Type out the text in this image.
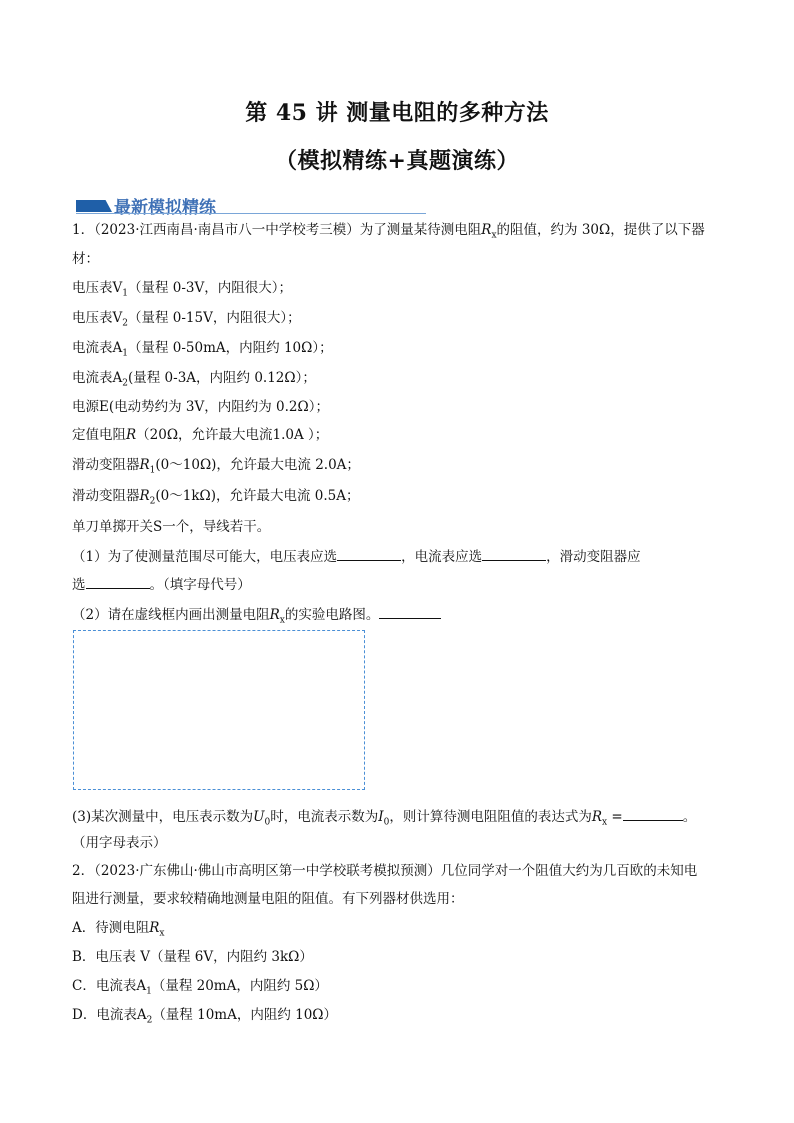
第 45 讲 测量电阻的多种方法
（模拟精练+真题演练）
最新模拟精练
1．（2023·江西南昌·南昌市八一中学校考三模）为了测量某待测电阻$R_x$的阻值，约为 30Ω，提供了以下器
材：
电压表$V_1$（量程 0-3V，内阻很大）；
电压表$V_2$（量程 0-15V，内阻很大）；
电流表$A_1$（量程 0-50mA，内阻约 10Ω）；
电流表$A_2$(量程 0-3A，内阻约 0.12Ω）；
电源E(电动势约为 3V，内阻约为 0.2Ω）；
定值电阻R（20Ω，允许最大电流1.0A ）；
滑动变阻器$R_1(0\sim 10\Omega)$，允许最大电流 2.0A；
滑动变阻器$R_2(0\sim 1k\Omega)$，允许最大电流 0.5A；
单刀单掷开关S一个，导线若干。
（1）为了使测量范围尽可能大，电压表应选	，电流表应选	，滑动变阻器应
选	。（填字母代号）
（2）请在虚线框内画出测量电阻$R_x$的实验电路图。
(3)某次测量中，电压表示数为$U_0$时，电流表示数为$I_0$，则计算待测电阻阻值的表达式为$R_x$ =	。
（用字母表示）
2．（2023·广东佛山·佛山市高明区第一中学校联考模拟预测）几位同学对一个阻值大约为几百欧的未知电
阻进行测量，要求较精确地测量电阻的阻值。有下列器材供选用：
A．待测电阻$R_x$
B．电压表 V（量程 6V，内阻约 3kΩ）
C．电流表$A_1$（量程 20mA，内阻约 5Ω）
D．电流表$A_2$（量程 10mA，内阻约 10Ω）
